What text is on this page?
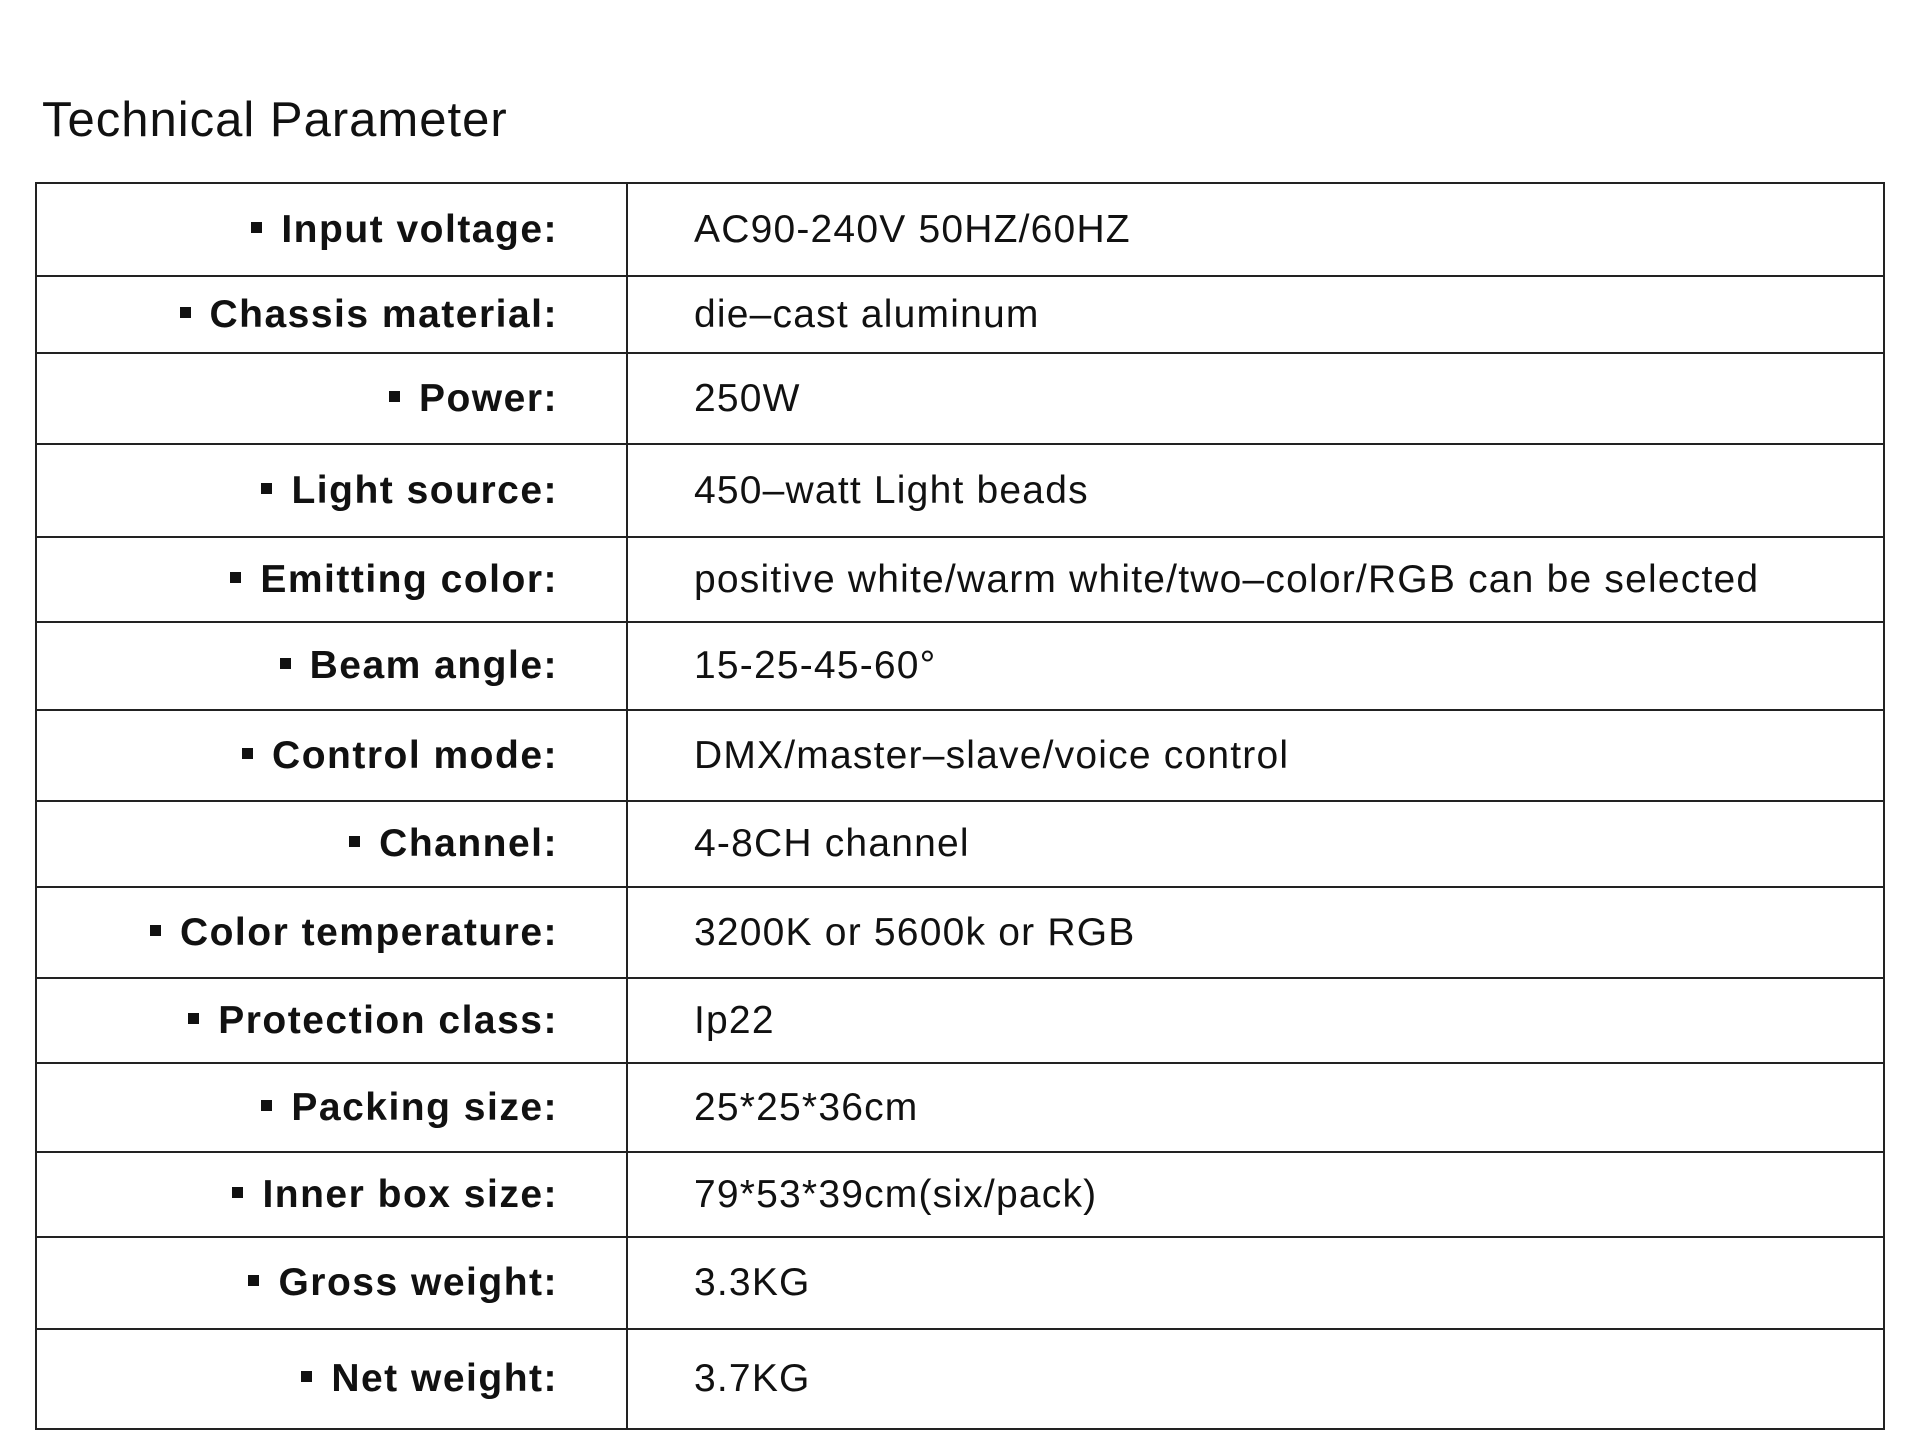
Technical Parameter
Input voltage:	AC90-240V 50HZ/60HZ
Chassis material:	die–cast aluminum
Power:	250W
Light source:	450–watt Light beads
Emitting color:	positive white/warm white/two–color/RGB can be selected
Beam angle:	15-25-45-60°
Control mode:	DMX/master–slave/voice control
Channel:	4-8CH channel
Color temperature:	3200K or 5600k or RGB
Protection class:	Ip22
Packing size:	25*25*36cm
Inner box size:	79*53*39cm(six/pack)
Gross weight:	3.3KG
Net weight:	3.7KG
